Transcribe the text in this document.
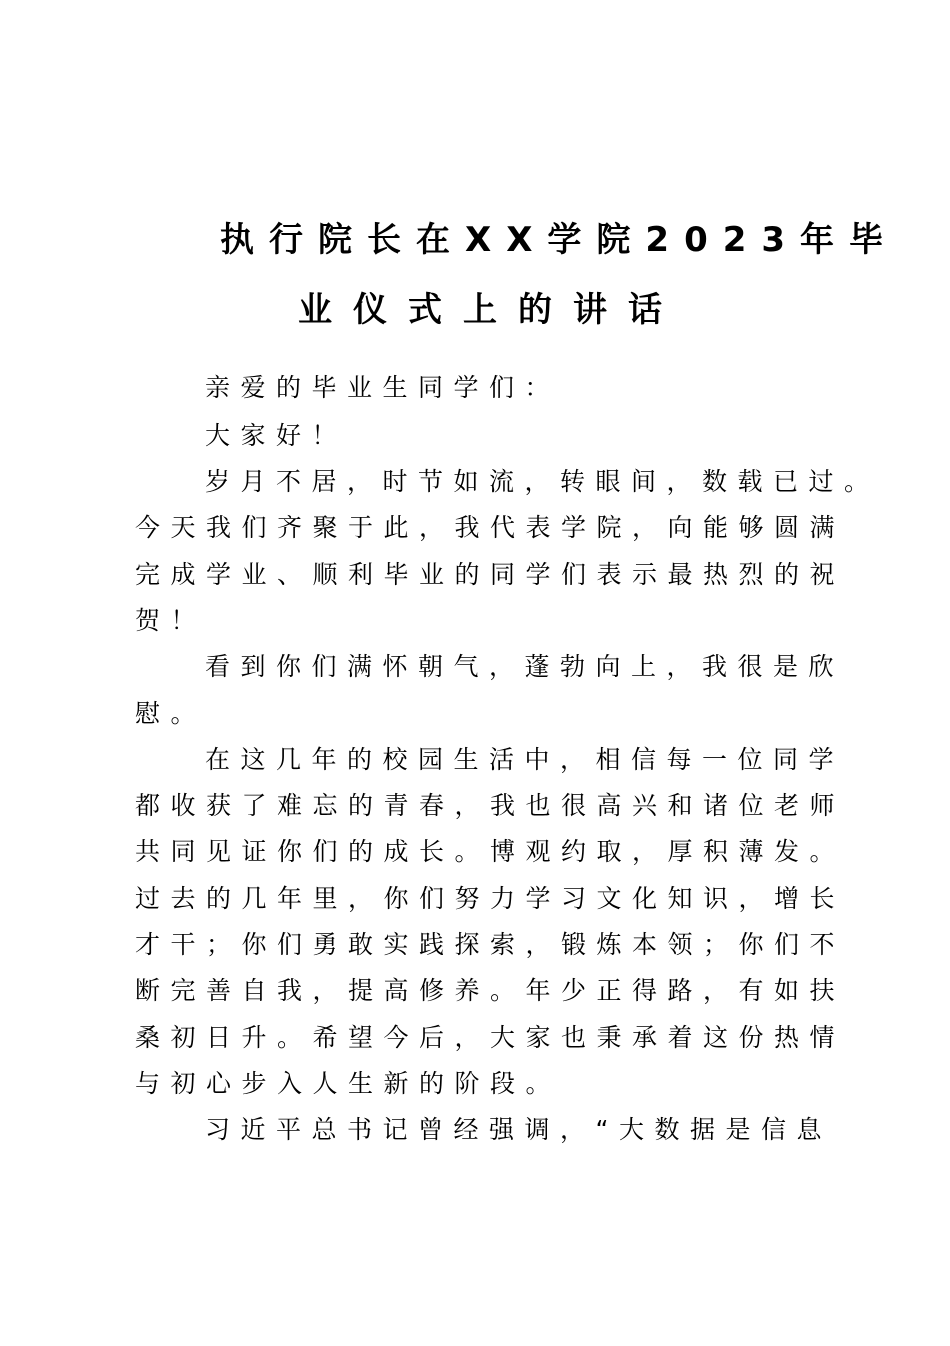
执行院长在XX学院2023年毕
业仪式上的讲话
亲爱的毕业生同学们：
大家好！
岁月不居，时节如流，转眼间，数载已过。
今天我们齐聚于此，我代表学院，向能够圆满
完成学业、顺利毕业的同学们表示最热烈的祝
贺！
看到你们满怀朝气，蓬勃向上，我很是欣
慰。
在这几年的校园生活中，相信每一位同学
都收获了难忘的青春，我也很高兴和诸位老师
共同见证你们的成长。博观约取，厚积薄发。
过去的几年里，你们努力学习文化知识，增长
才干；你们勇敢实践探索，锻炼本领；你们不
断完善自我，提高修养。年少正得路，有如扶
桑初日升。希望今后，大家也秉承着这份热情
与初心步入人生新的阶段。
习近平总书记曾经强调，“大数据是信息
